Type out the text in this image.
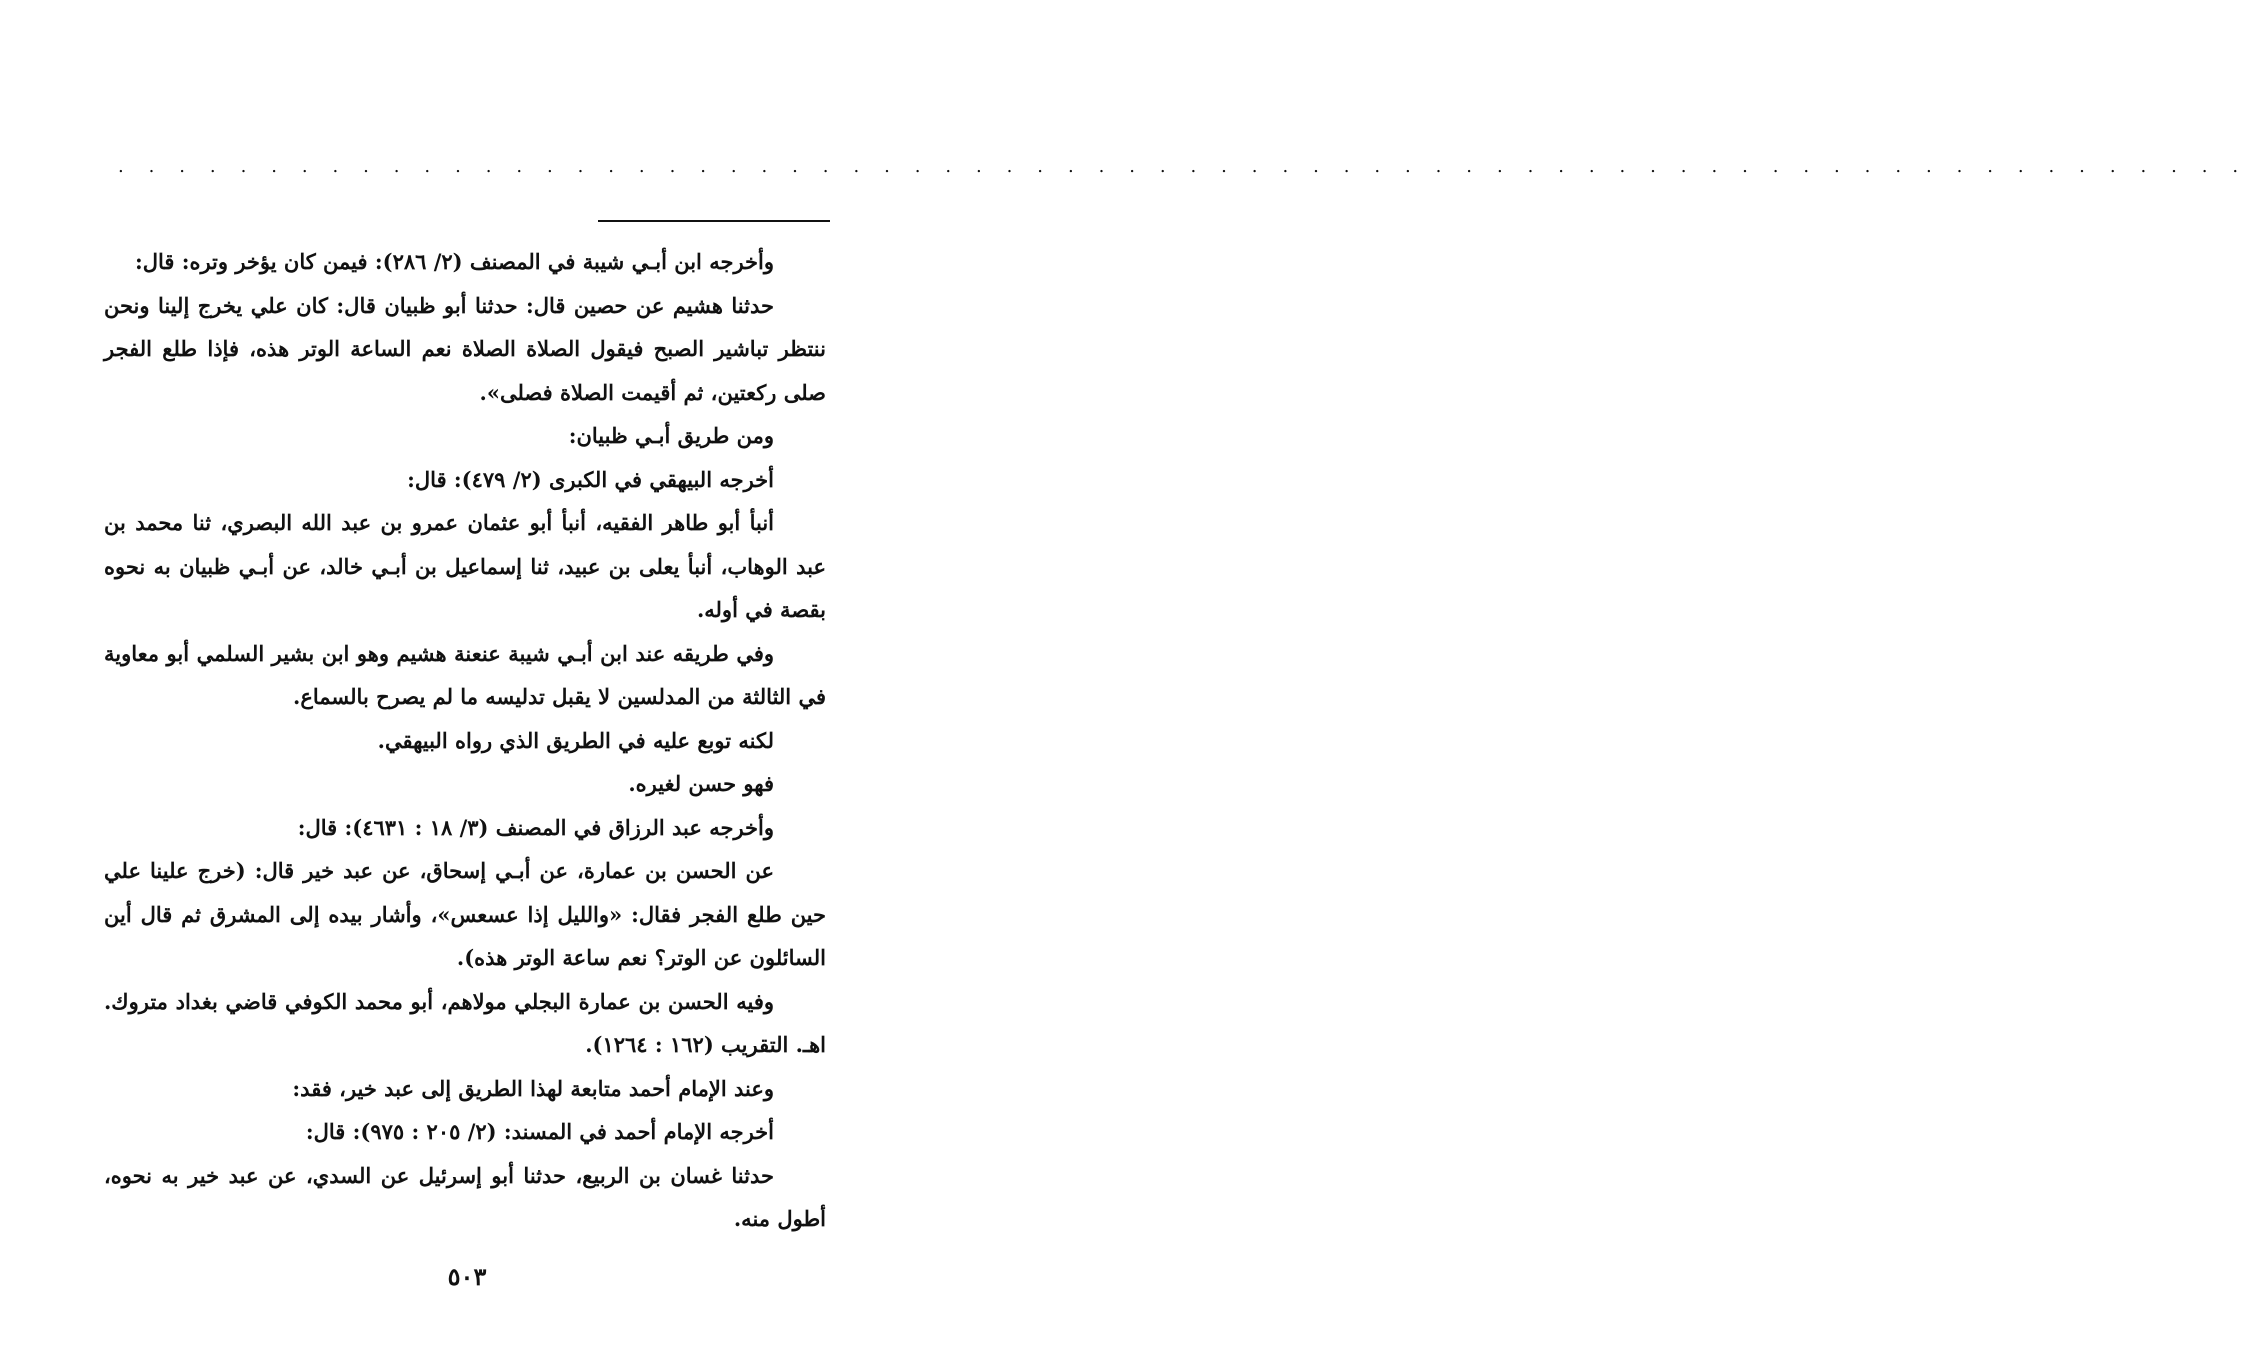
. . . . . . . . . . . . . . . . . . . . . . . . . . . . . . . . . . . . . . . . . . . . . . . . . . . . . . . . . . . . . . . . . . . . . .

وأخرجه ابن أبـي شيبة في المصنف (٢/ ٢٨٦): فيمن كان يؤخر وتره: قال:

حدثنا هشيم عن حصين قال: حدثنا أبو ظبيان قال: كان علي يخرج إلينا ونحن ننتظر تباشير الصبح فيقول الصلاة الصلاة نعم الساعة الوتر هذه، فإذا طلع الفجر صلى ركعتين، ثم أقيمت الصلاة فصلى».

ومن طريق أبـي ظبيان:

أخرجه البيهقي في الكبرى (٢/ ٤٧٩): قال:

أنبأ أبو طاهر الفقيه، أنبأ أبو عثمان عمرو بن عبد الله البصري، ثنا محمد بن عبد الوهاب، أنبأ يعلى بن عبيد، ثنا إسماعيل بن أبـي خالد، عن أبـي ظبيان به نحوه بقصة في أوله.

وفي طريقه عند ابن أبـي شيبة عنعنة هشيم وهو ابن بشير السلمي أبو معاوية في الثالثة من المدلسين لا يقبل تدليسه ما لم يصرح بالسماع.

لكنه توبع عليه في الطريق الذي رواه البيهقي.

فهو حسن لغيره.

وأخرجه عبد الرزاق في المصنف (٣/ ١٨ : ٤٦٣١): قال:

عن الحسن بن عمارة، عن أبـي إسحاق، عن عبد خير قال: (خرج علينا علي حين طلع الفجر فقال: «والليل إذا عسعس»، وأشار بيده إلى المشرق ثم قال أين السائلون عن الوتر؟ نعم ساعة الوتر هذه).

وفيه الحسن بن عمارة البجلي مولاهم، أبو محمد الكوفي قاضي بغداد متروك. اهـ. التقريب (١٦٢ : ١٢٦٤).

وعند الإمام أحمد متابعة لهذا الطريق إلى عبد خير، فقد:

أخرجه الإمام أحمد في المسند: (٢/ ٢٠٥ : ٩٧٥): قال:

حدثنا غسان بن الربيع، حدثنا أبو إسرئيل عن السدي، عن عبد خير به نحوه، أطول منه.

٥٠٣
